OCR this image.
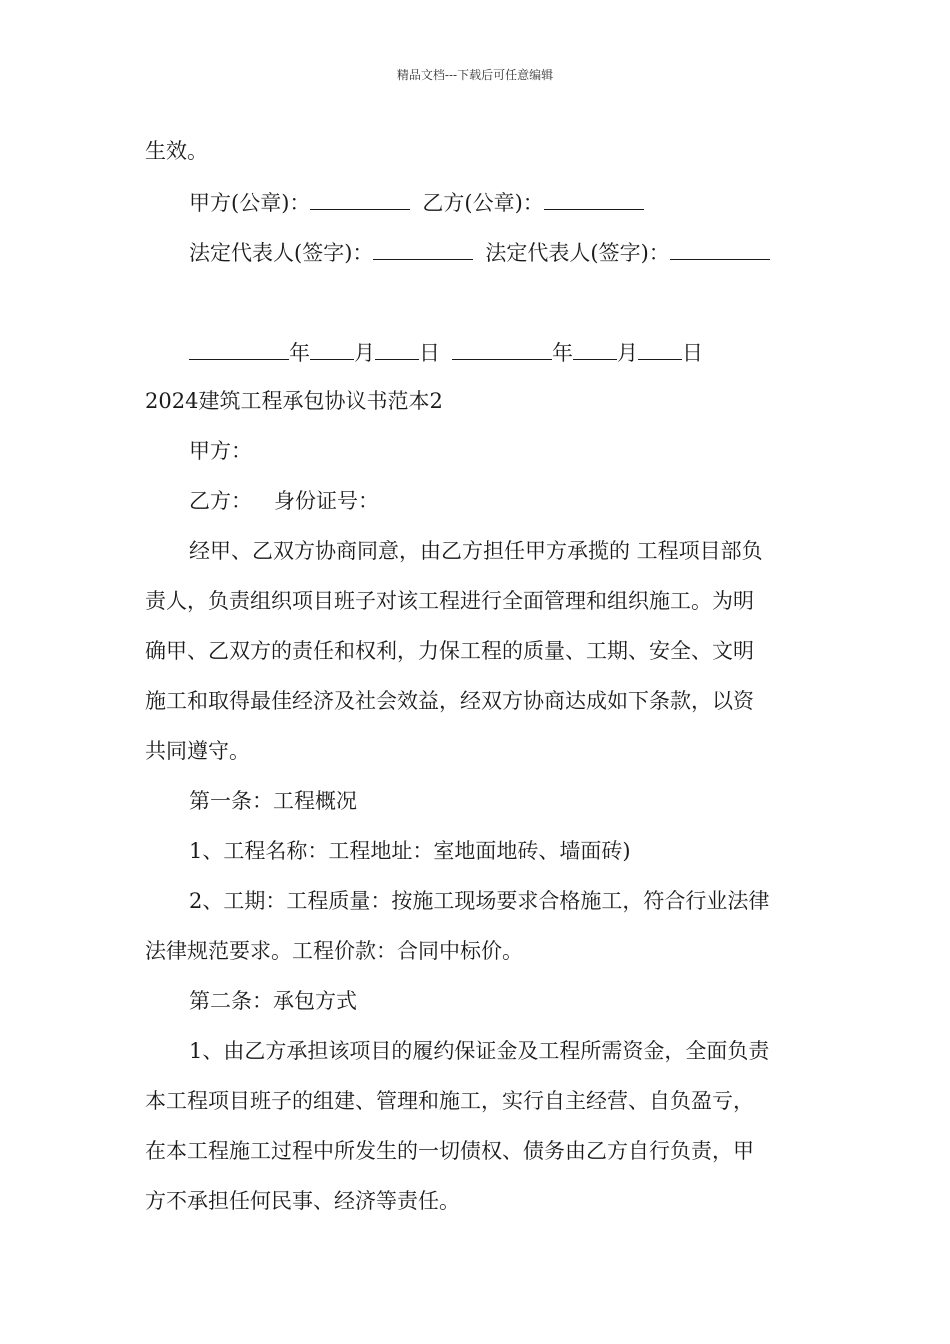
精品文档---下载后可任意编辑
生效。
甲方(公章)：	乙方(公章)：
法定代表人(签字)：	法定代表人(签字)：
年 月 日	年 月 日
2024建筑工程承包协议书范本2
甲方：
乙方： 身份证号：
经甲、乙双方协商同意，由乙方担任甲方承揽的 工程项目部负
责人，负责组织项目班子对该工程进行全面管理和组织施工。为明
确甲、乙双方的责任和权利，力保工程的质量、工期、安全、文明
施工和取得最佳经济及社会效益，经双方协商达成如下条款，以资
共同遵守。
第一条：工程概况
1、工程名称：工程地址：室地面地砖、墙面砖)
2、工期：工程质量：按施工现场要求合格施工，符合行业法律
法律规范要求。工程价款：合同中标价。
第二条：承包方式
1、由乙方承担该项目的履约保证金及工程所需资金，全面负责
本工程项目班子的组建、管理和施工，实行自主经营、自负盈亏，
在本工程施工过程中所发生的一切债权、债务由乙方自行负责，甲
方不承担任何民事、经济等责任。
